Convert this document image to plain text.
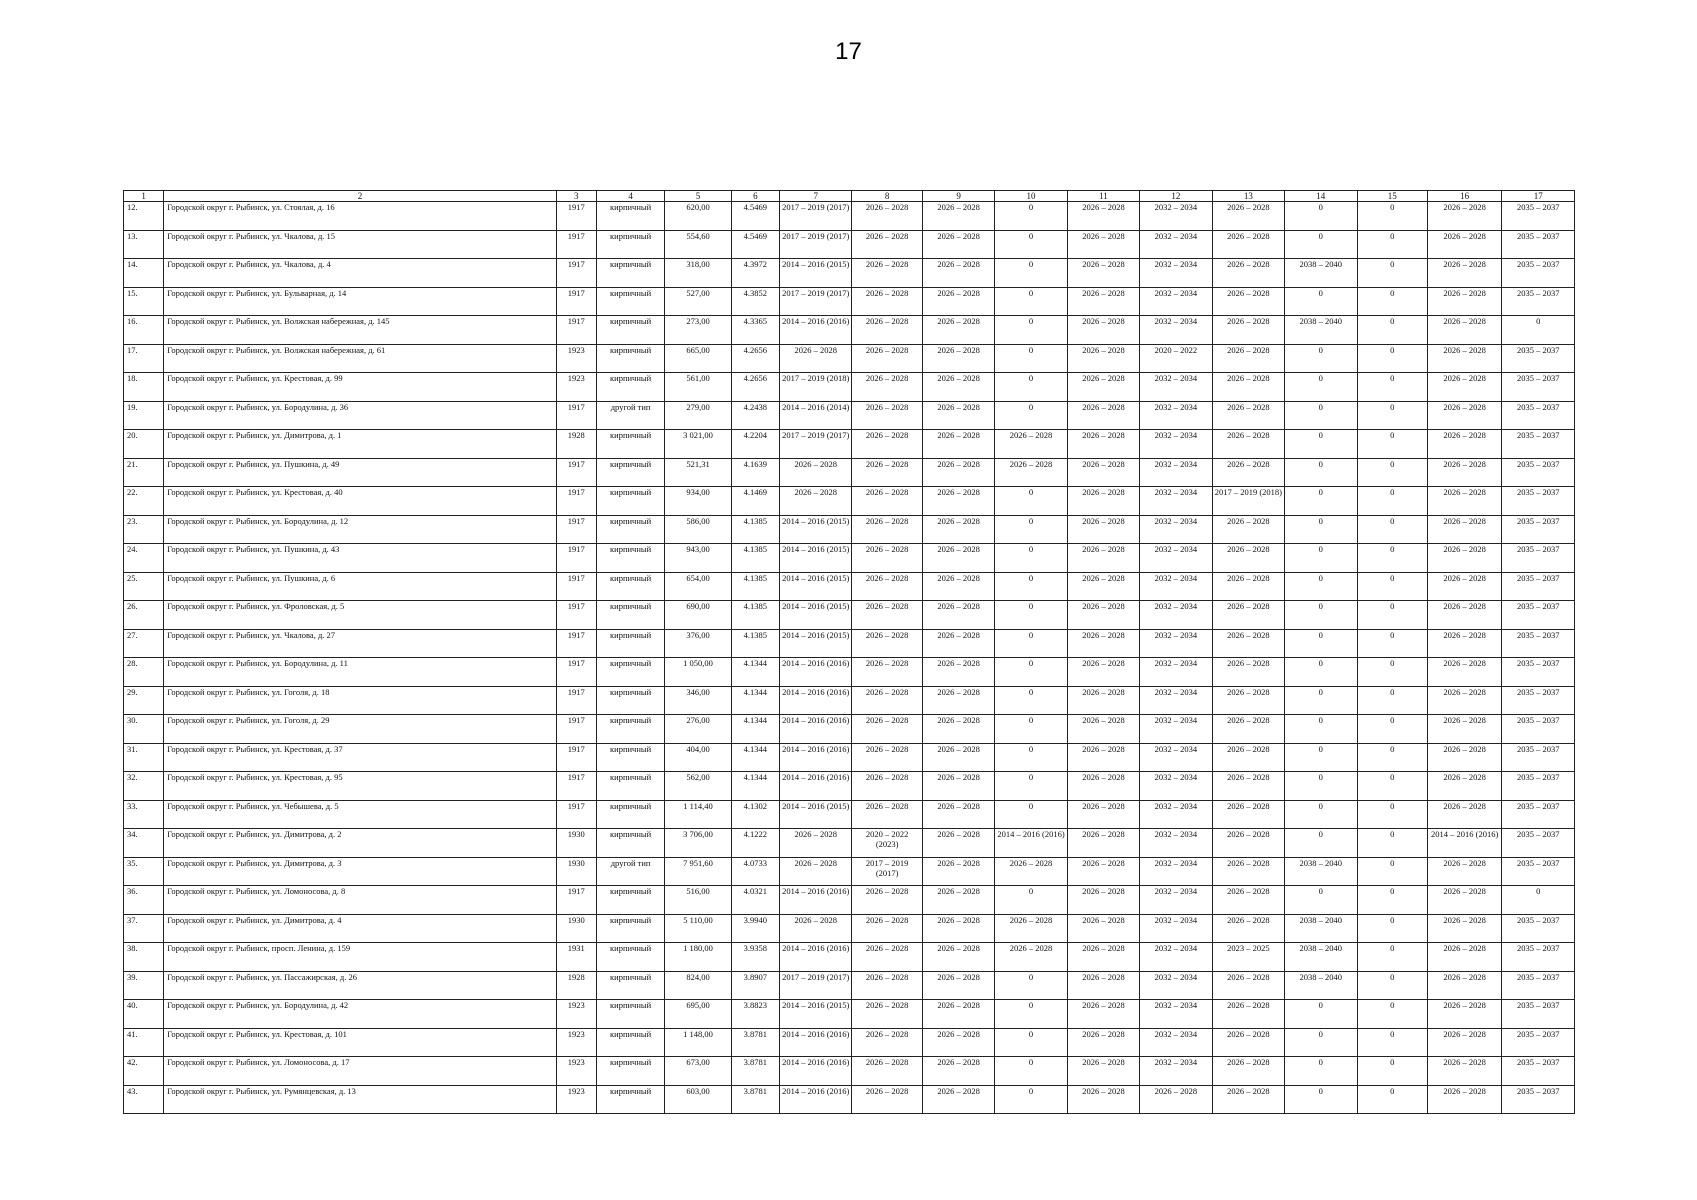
17
1	2	3	4	5	6	7	8	9	10	11	12	13	14	15	16	17
12.	Городской округ г. Рыбинск, ул. Стоялая, д. 16	1917	кирпичный	620,00	4.5469	2017 – 2019 (2017)	2026 – 2028	2026 – 2028	0	2026 – 2028	2032 – 2034	2026 – 2028	0	0	2026 – 2028	2035 – 2037
13.	Городской округ г. Рыбинск, ул. Чкалова, д. 15	1917	кирпичный	554,60	4.5469	2017 – 2019 (2017)	2026 – 2028	2026 – 2028	0	2026 – 2028	2032 – 2034	2026 – 2028	0	0	2026 – 2028	2035 – 2037
14.	Городской округ г. Рыбинск, ул. Чкалова, д. 4	1917	кирпичный	318,00	4.3972	2014 – 2016 (2015)	2026 – 2028	2026 – 2028	0	2026 – 2028	2032 – 2034	2026 – 2028	2038 – 2040	0	2026 – 2028	2035 – 2037
15.	Городской округ г. Рыбинск, ул. Бульварная, д. 14	1917	кирпичный	527,00	4.3852	2017 – 2019 (2017)	2026 – 2028	2026 – 2028	0	2026 – 2028	2032 – 2034	2026 – 2028	0	0	2026 – 2028	2035 – 2037
16.	Городской округ г. Рыбинск, ул. Волжская набережная, д. 145	1917	кирпичный	273,00	4.3365	2014 – 2016 (2016)	2026 – 2028	2026 – 2028	0	2026 – 2028	2032 – 2034	2026 – 2028	2038 – 2040	0	2026 – 2028	0
17.	Городской округ г. Рыбинск, ул. Волжская набережная, д. 61	1923	кирпичный	665,00	4.2656	2026 – 2028	2026 – 2028	2026 – 2028	0	2026 – 2028	2020 – 2022	2026 – 2028	0	0	2026 – 2028	2035 – 2037
18.	Городской округ г. Рыбинск, ул. Крестовая, д. 99	1923	кирпичный	561,00	4.2656	2017 – 2019 (2018)	2026 – 2028	2026 – 2028	0	2026 – 2028	2032 – 2034	2026 – 2028	0	0	2026 – 2028	2035 – 2037
19.	Городской округ г. Рыбинск, ул. Бородулина, д. 36	1917	другой тип	279,00	4.2438	2014 – 2016 (2014)	2026 – 2028	2026 – 2028	0	2026 – 2028	2032 – 2034	2026 – 2028	0	0	2026 – 2028	2035 – 2037
20.	Городской округ г. Рыбинск, ул. Димитрова, д. 1	1928	кирпичный	3 021,00	4.2204	2017 – 2019 (2017)	2026 – 2028	2026 – 2028	2026 – 2028	2026 – 2028	2032 – 2034	2026 – 2028	0	0	2026 – 2028	2035 – 2037
21.	Городской округ г. Рыбинск, ул. Пушкина, д. 49	1917	кирпичный	521,31	4.1639	2026 – 2028	2026 – 2028	2026 – 2028	2026 – 2028	2026 – 2028	2032 – 2034	2026 – 2028	0	0	2026 – 2028	2035 – 2037
22.	Городской округ г. Рыбинск, ул. Крестовая, д. 40	1917	кирпичный	934,00	4.1469	2026 – 2028	2026 – 2028	2026 – 2028	0	2026 – 2028	2032 – 2034	2017 – 2019 (2018)	0	0	2026 – 2028	2035 – 2037
23.	Городской округ г. Рыбинск, ул. Бородулина, д. 12	1917	кирпичный	586,00	4.1385	2014 – 2016 (2015)	2026 – 2028	2026 – 2028	0	2026 – 2028	2032 – 2034	2026 – 2028	0	0	2026 – 2028	2035 – 2037
24.	Городской округ г. Рыбинск, ул. Пушкина, д. 43	1917	кирпичный	943,00	4.1385	2014 – 2016 (2015)	2026 – 2028	2026 – 2028	0	2026 – 2028	2032 – 2034	2026 – 2028	0	0	2026 – 2028	2035 – 2037
25.	Городской округ г. Рыбинск, ул. Пушкина, д. 6	1917	кирпичный	654,00	4.1385	2014 – 2016 (2015)	2026 – 2028	2026 – 2028	0	2026 – 2028	2032 – 2034	2026 – 2028	0	0	2026 – 2028	2035 – 2037
26.	Городской округ г. Рыбинск, ул. Фроловская, д. 5	1917	кирпичный	690,00	4.1385	2014 – 2016 (2015)	2026 – 2028	2026 – 2028	0	2026 – 2028	2032 – 2034	2026 – 2028	0	0	2026 – 2028	2035 – 2037
27.	Городской округ г. Рыбинск, ул. Чкалова, д. 27	1917	кирпичный	376,00	4.1385	2014 – 2016 (2015)	2026 – 2028	2026 – 2028	0	2026 – 2028	2032 – 2034	2026 – 2028	0	0	2026 – 2028	2035 – 2037
28.	Городской округ г. Рыбинск, ул. Бородулина, д. 11	1917	кирпичный	1 050,00	4.1344	2014 – 2016 (2016)	2026 – 2028	2026 – 2028	0	2026 – 2028	2032 – 2034	2026 – 2028	0	0	2026 – 2028	2035 – 2037
29.	Городской округ г. Рыбинск, ул. Гоголя, д. 18	1917	кирпичный	346,00	4.1344	2014 – 2016 (2016)	2026 – 2028	2026 – 2028	0	2026 – 2028	2032 – 2034	2026 – 2028	0	0	2026 – 2028	2035 – 2037
30.	Городской округ г. Рыбинск, ул. Гоголя, д. 29	1917	кирпичный	276,00	4.1344	2014 – 2016 (2016)	2026 – 2028	2026 – 2028	0	2026 – 2028	2032 – 2034	2026 – 2028	0	0	2026 – 2028	2035 – 2037
31.	Городской округ г. Рыбинск, ул. Крестовая, д. 37	1917	кирпичный	404,00	4.1344	2014 – 2016 (2016)	2026 – 2028	2026 – 2028	0	2026 – 2028	2032 – 2034	2026 – 2028	0	0	2026 – 2028	2035 – 2037
32.	Городской округ г. Рыбинск, ул. Крестовая, д. 95	1917	кирпичный	562,00	4.1344	2014 – 2016 (2016)	2026 – 2028	2026 – 2028	0	2026 – 2028	2032 – 2034	2026 – 2028	0	0	2026 – 2028	2035 – 2037
33.	Городской округ г. Рыбинск, ул. Чебышева, д. 5	1917	кирпичный	1 114,40	4.1302	2014 – 2016 (2015)	2026 – 2028	2026 – 2028	0	2026 – 2028	2032 – 2034	2026 – 2028	0	0	2026 – 2028	2035 – 2037
34.	Городской округ г. Рыбинск, ул. Димитрова, д. 2	1930	кирпичный	3 706,00	4.1222	2026 – 2028	2020 – 2022 (2023)	2026 – 2028	2014 – 2016 (2016)	2026 – 2028	2032 – 2034	2026 – 2028	0	0	2014 – 2016 (2016)	2035 – 2037
35.	Городской округ г. Рыбинск, ул. Димитрова, д. 3	1930	другой тип	7 951,60	4.0733	2026 – 2028	2017 – 2019 (2017)	2026 – 2028	2026 – 2028	2026 – 2028	2032 – 2034	2026 – 2028	2038 – 2040	0	2026 – 2028	2035 – 2037
36.	Городской округ г. Рыбинск, ул. Ломоносова, д. 8	1917	кирпичный	516,00	4.0321	2014 – 2016 (2016)	2026 – 2028	2026 – 2028	0	2026 – 2028	2032 – 2034	2026 – 2028	0	0	2026 – 2028	0
37.	Городской округ г. Рыбинск, ул. Димитрова, д. 4	1930	кирпичный	5 110,00	3.9940	2026 – 2028	2026 – 2028	2026 – 2028	2026 – 2028	2026 – 2028	2032 – 2034	2026 – 2028	2038 – 2040	0	2026 – 2028	2035 – 2037
38.	Городской округ г. Рыбинск, просп. Ленина, д. 159	1931	кирпичный	1 180,00	3.9358	2014 – 2016 (2016)	2026 – 2028	2026 – 2028	2026 – 2028	2026 – 2028	2032 – 2034	2023 – 2025	2038 – 2040	0	2026 – 2028	2035 – 2037
39.	Городской округ г. Рыбинск, ул. Пассажирская, д. 26	1928	кирпичный	824,00	3.8907	2017 – 2019 (2017)	2026 – 2028	2026 – 2028	0	2026 – 2028	2032 – 2034	2026 – 2028	2038 – 2040	0	2026 – 2028	2035 – 2037
40.	Городской округ г. Рыбинск, ул. Бородулина, д. 42	1923	кирпичный	695,00	3.8823	2014 – 2016 (2015)	2026 – 2028	2026 – 2028	0	2026 – 2028	2032 – 2034	2026 – 2028	0	0	2026 – 2028	2035 – 2037
41.	Городской округ г. Рыбинск, ул. Крестовая, д. 101	1923	кирпичный	1 148,00	3.8781	2014 – 2016 (2016)	2026 – 2028	2026 – 2028	0	2026 – 2028	2032 – 2034	2026 – 2028	0	0	2026 – 2028	2035 – 2037
42.	Городской округ г. Рыбинск, ул. Ломоносова, д. 17	1923	кирпичный	673,00	3.8781	2014 – 2016 (2016)	2026 – 2028	2026 – 2028	0	2026 – 2028	2032 – 2034	2026 – 2028	0	0	2026 – 2028	2035 – 2037
43.	Городской округ г. Рыбинск, ул. Румянцевская, д. 13	1923	кирпичный	603,00	3.8781	2014 – 2016 (2016)	2026 – 2028	2026 – 2028	0	2026 – 2028	2026 – 2028	2026 – 2028	0	0	2026 – 2028	2035 – 2037
